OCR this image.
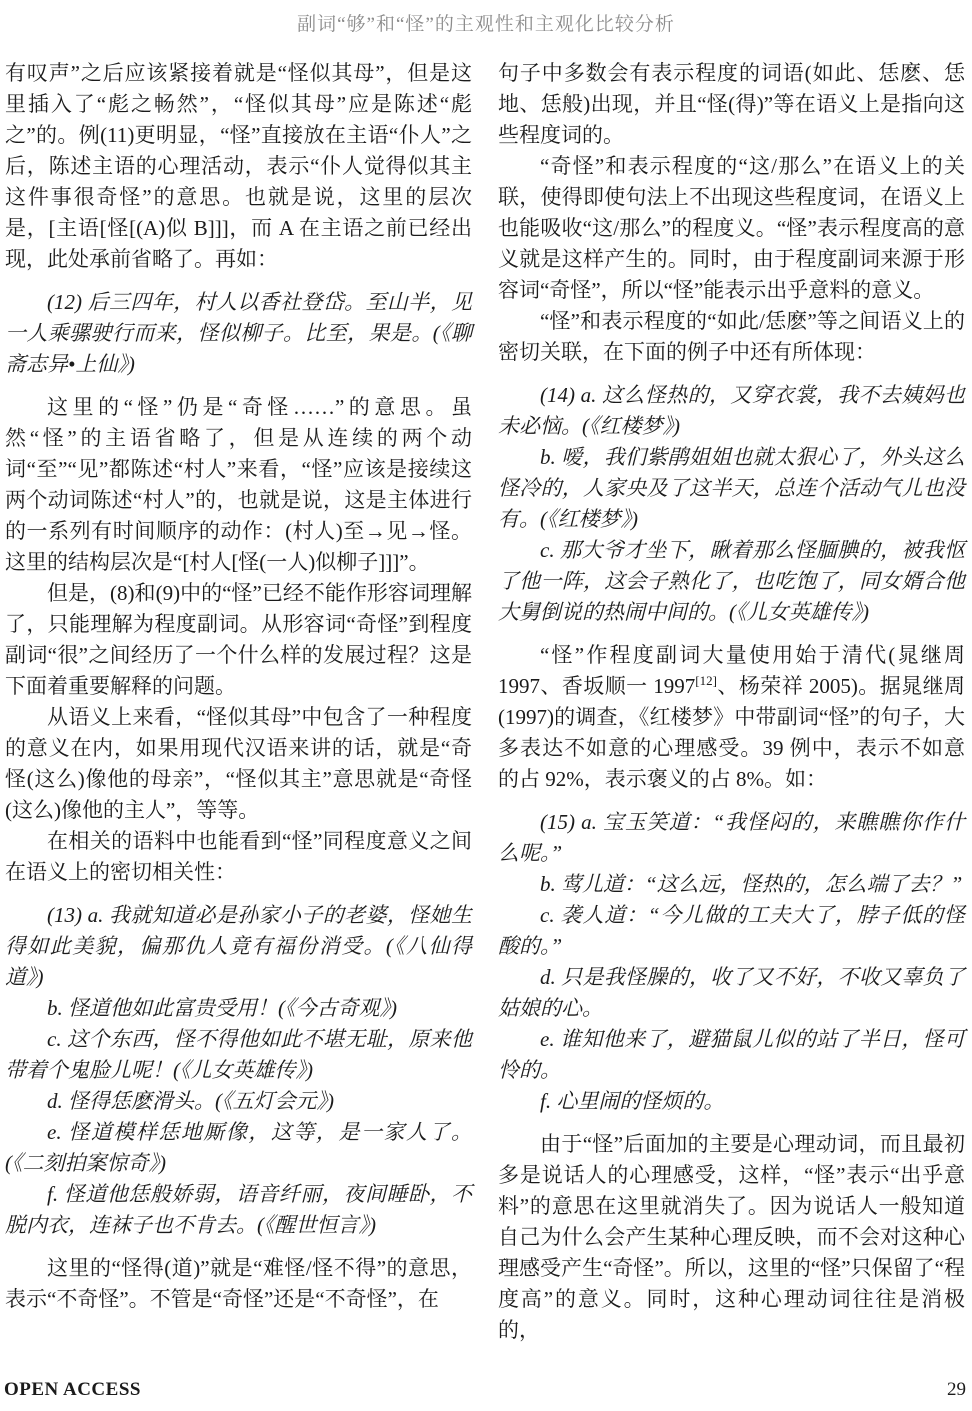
副词“够”和“怪”的主观性和主观化比较分析

有叹声”之后应该紧接着就是“怪似其母”，但是这里插入了“彪之畅然”，“怪似其母”应是陈述“彪之”的。例(11)更明显，“怪”直接放在主语“仆人”之后，陈述主语的心理活动，表示“仆人觉得似其主这件事很奇怪”的意思。也就是说，这里的层次是，[主语[怪[(A)似 B]]]，而 A 在主语之前已经出现，此处承前省略了。再如：

(12) 后三四年，村人以香社登岱。至山半，见一人乘骡驶行而来，怪似柳子。比至，果是。(《聊斋志异•上仙》)

这里的“怪”仍是“奇怪……”的意思。虽然“怪”的主语省略了，但是从连续的两个动词“至”“见”都陈述“村人”来看，“怪”应该是接续这两个动词陈述“村人”的，也就是说，这是主体进行的一系列有时间顺序的动作：(村人)至→见→怪。这里的结构层次是“[村人[怪(一人)似柳子]]]”。

但是，(8)和(9)中的“怪”已经不能作形容词理解了，只能理解为程度副词。从形容词“奇怪”到程度副词“很”之间经历了一个什么样的发展过程？这是下面着重要解释的问题。

从语义上来看，“怪似其母”中包含了一种程度的意义在内，如果用现代汉语来讲的话，就是“奇怪(这么)像他的母亲”，“怪似其主”意思就是“奇怪(这么)像他的主人”，等等。

在相关的语料中也能看到“怪”同程度意义之间在语义上的密切相关性：

(13) a. 我就知道必是孙家小子的老婆，怪她生得如此美貌，偏那仇人竟有福份消受。(《八仙得道》)

b. 怪道他如此富贵受用！(《今古奇观》)

c. 这个东西，怪不得他如此不堪无耻，原来他带着个鬼脸儿呢！(《儿女英雄传》)

d. 怪得恁麽滑头。(《五灯会元》)

e. 怪道模样恁地厮像，这等，是一家人了。(《二刻拍案惊奇》)

f. 怪道他恁般娇弱，语音纤丽，夜间睡卧，不脱内衣，连袜子也不肯去。(《醒世恒言》)

这里的“怪得(道)”就是“难怪/怪不得”的意思，表示“不奇怪”。不管是“奇怪”还是“不奇怪”，在

句子中多数会有表示程度的词语(如此、恁麽、恁地、恁般)出现，并且“怪(得)”等在语义上是指向这些程度词的。

“奇怪”和表示程度的“这/那么”在语义上的关联，使得即使句法上不出现这些程度词，在语义上也能吸收“这/那么”的程度义。“怪”表示程度高的意义就是这样产生的。同时，由于程度副词来源于形容词“奇怪”，所以“怪”能表示出乎意料的意义。

“怪”和表示程度的“如此/恁麽”等之间语义上的密切关联，在下面的例子中还有所体现：

(14) a. 这么怪热的，又穿衣裳，我不去姨妈也未必恼。(《红楼梦》)

b. 嗳，我们紫鹃姐姐也就太狠心了，外头这么怪冷的，人家央及了这半天，总连个活动气儿也没有。(《红楼梦》)

c. 那大爷才坐下，瞅着那么怪腼腆的，被我怄了他一阵，这会子熟化了，也吃饱了，同女婿合他大舅倒说的热闹中间的。(《儿女英雄传》)

“怪”作程度副词大量使用始于清代(晁继周 1997、香坂顺一 1997[12]、杨荣祥 2005)。据晁继周(1997)的调查，《红楼梦》中带副词“怪”的句子，大多表达不如意的心理感受。39 例中，表示不如意的占 92%，表示褒义的占 8%。如：

(15) a. 宝玉笑道：“我怪闷的，来瞧瞧你作什么呢。”

b. 莺儿道：“这么远，怪热的，怎么端了去？”

c. 袭人道：“今儿做的工夫大了，脖子低的怪酸的。”

d. 只是我怪臊的，收了又不好，不收又辜负了姑娘的心。

e. 谁知他来了，避猫鼠儿似的站了半日，怪可怜的。

f. 心里闹的怪烦的。

由于“怪”后面加的主要是心理动词，而且最初多是说话人的心理感受，这样，“怪”表示“出乎意料”的意思在这里就消失了。因为说话人一般知道自己为什么会产生某种心理反映，而不会对这种心理感受产生“奇怪”。所以，这里的“怪”只保留了“程度高”的意义。同时，这种心理动词往往是消极的，

OPEN ACCESS	29
